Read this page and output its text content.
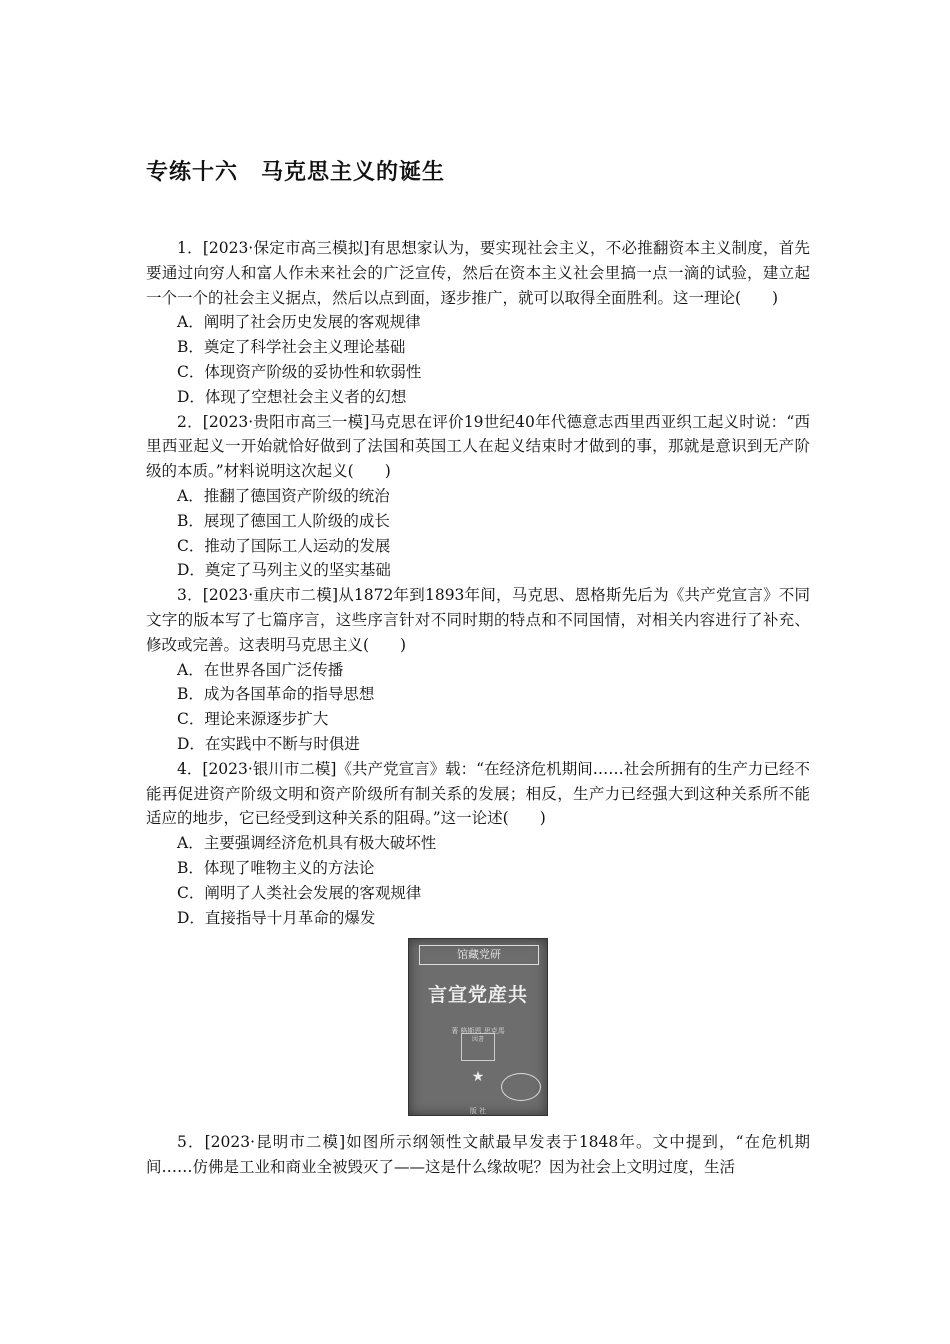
专练十六　马克思主义的诞生

1．[2023·保定市高三模拟]有思想家认为，要实现社会主义，不必推翻资本主义制度，首先要通过向穷人和富人作未来社会的广泛宣传，然后在资本主义社会里搞一点一滴的试验，建立起一个一个的社会主义据点，然后以点到面，逐步推广，就可以取得全面胜利。这一理论(　　)

A．阐明了社会历史发展的客观规律

B．奠定了科学社会主义理论基础

C．体现资产阶级的妥协性和软弱性

D．体现了空想社会主义者的幻想

2．[2023·贵阳市高三一模]马克思在评价19世纪40年代德意志西里西亚织工起义时说：“西里西亚起义一开始就恰好做到了法国和英国工人在起义结束时才做到的事，那就是意识到无产阶级的本质。”材料说明这次起义(　　)

A．推翻了德国资产阶级的统治

B．展现了德国工人阶级的成长

C．推动了国际工人运动的发展

D．奠定了马列主义的坚实基础

3．[2023·重庆市二模]从1872年到1893年间，马克思、恩格斯先后为《共产党宣言》不同文字的版本写了七篇序言，这些序言针对不同时期的特点和不同国情，对相关内容进行了补充、修改或完善。这表明马克思主义(　　)

A．在世界各国广泛传播

B．成为各国革命的指导思想

C．理论来源逐步扩大

D．在实践中不断与时俱进

4．[2023·银川市二模]《共产党宣言》载：“在经济危机期间……社会所拥有的生产力已经不能再促进资产阶级文明和资产阶级所有制关系的发展；相反，生产力已经强大到这种关系所不能适应的地步，它已经受到这种关系的阻碍。”这一论述(　　)

A．主要强调经济危机具有极大破坏性

B．体现了唯物主义的方法论

C．阐明了人类社会发展的客观规律

D．直接指导十月革命的爆发

馆藏党研
言宣党産共
著 格斯恩 思克馬
図書
★
版 社

5．[2023·昆明市二模]如图所示纲领性文献最早发表于1848年。文中提到，“在危机期间……仿佛是工业和商业全被毁灭了——这是什么缘故呢？因为社会上文明过度，生活
